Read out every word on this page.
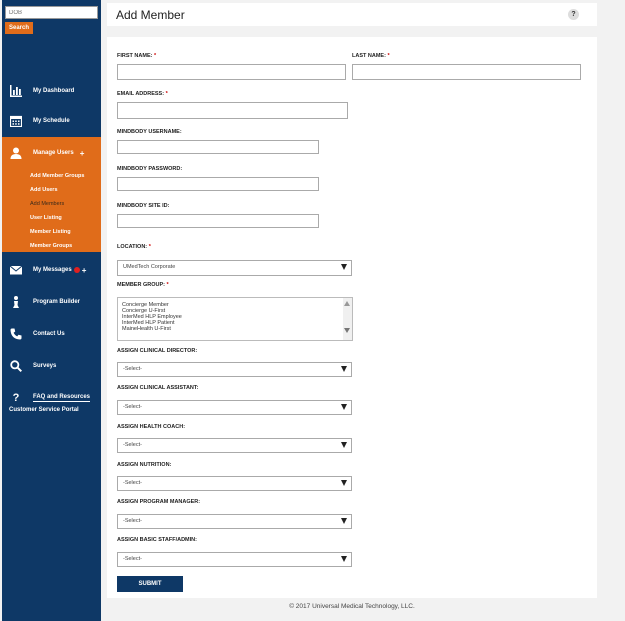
DOB
Search
My Dashboard
My Schedule
Manage Users +
Add Member Groups
Add Users
Add Members
User Listing
Member Listing
Member Groups
My Messages +
Program Builder
Contact Us
Surveys
?	FAQ and Resources
Customer Service Portal
Add Member	?
FIRST NAME: *	LAST NAME: *
EMAIL ADDRESS: *
MINDBODY USERNAME:
MINDBODY PASSWORD:
MINDBODY SITE ID:
LOCATION: *
UMedTech Corporate
MEMBER GROUP: *
Concierge Member
Concierge U-First
InterMed HLP Employee
InterMed HLP Patient
MaineHealth U-First
ASSIGN CLINICAL DIRECTOR:
-Select-
ASSIGN CLINICAL ASSISTANT:
-Select-
ASSIGN HEALTH COACH:
-Select-
ASSIGN NUTRITION:
-Select-
ASSIGN PROGRAM MANAGER:
-Select-
ASSIGN BASIC STAFF/ADMIN:
-Select-
SUBMIT
© 2017 Universal Medical Technology, LLC.
